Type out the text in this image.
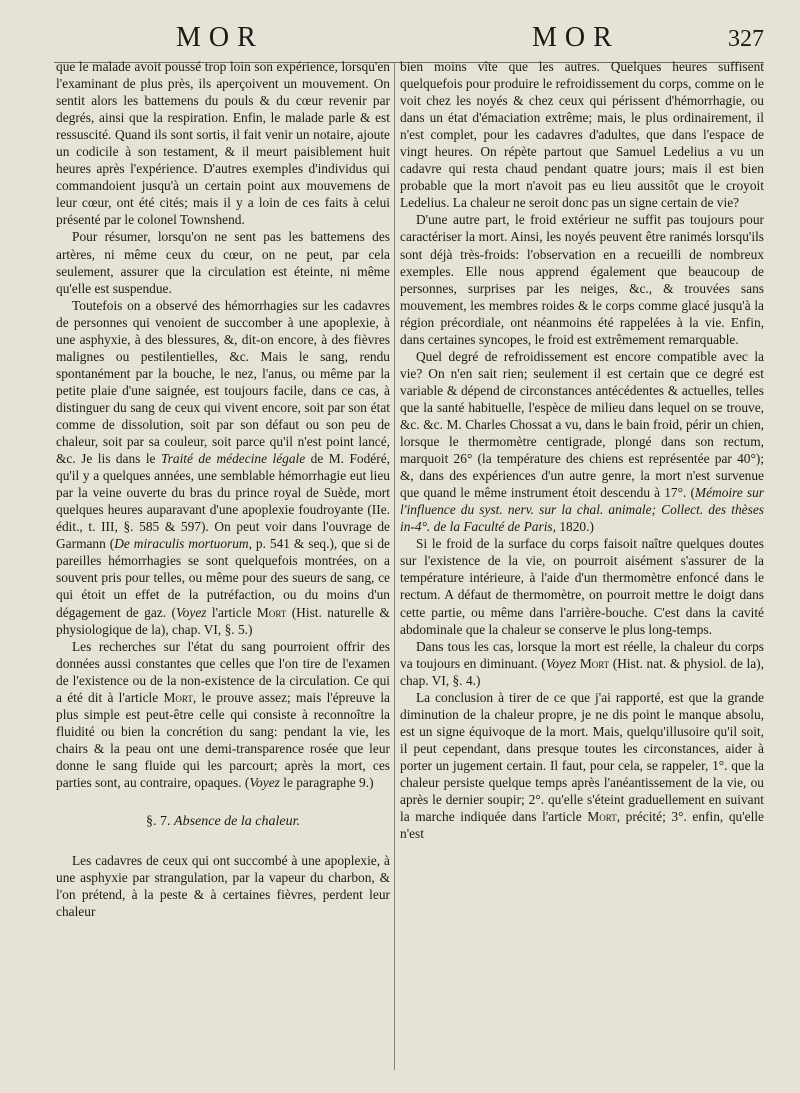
MOR	MOR	327

que le malade avoit poussé trop loin son expérience, lorsqu'en l'examinant de plus près, ils aperçoivent un mouvement. On sentit alors les battemens du pouls & du cœur revenir par degrés, ainsi que la respiration. Enfin, le malade parle & est ressuscité. Quand ils sont sortis, il fait venir un notaire, ajoute un codicile à son testament, & il meurt paisiblement huit heures après l'expérience. D'autres exemples d'individus qui commandoient jusqu'à un certain point aux mouvemens de leur cœur, ont été cités; mais il y a loin de ces faits à celui présenté par le colonel Townshend.

Pour résumer, lorsqu'on ne sent pas les battemens des artères, ni même ceux du cœur, on ne peut, par cela seulement, assurer que la circulation est éteinte, ni même qu'elle est suspendue.

Toutefois on a observé des hémorrhagies sur les cadavres de personnes qui venoient de succomber à une apoplexie, à une asphyxie, à des blessures, &, dit-on encore, à des fièvres malignes ou pestilentielles, &c. Mais le sang, rendu spontanément par la bouche, le nez, l'anus, ou même par la petite plaie d'une saignée, est toujours facile, dans ce cas, à distinguer du sang de ceux qui vivent encore, soit par son état comme de dissolution, soit par son défaut ou son peu de chaleur, soit par sa couleur, soit parce qu'il n'est point lancé, &c. Je lis dans le Traité de médecine légale de M. Fodéré, qu'il y a quelques années, une semblable hémorrhagie eut lieu par la veine ouverte du bras du prince royal de Suède, mort quelques heures auparavant d'une apoplexie foudroyante (IIe. édit., t. III, §. 585 & 597). On peut voir dans l'ouvrage de Garmann (De miraculis mortuorum, p. 541 & seq.), que si de pareilles hémorrhagies se sont quelquefois montrées, on a souvent pris pour telles, ou même pour des sueurs de sang, ce qui étoit un effet de la putréfaction, ou du moins d'un dégagement de gaz. (Voyez l'article Mort (Hist. naturelle & physiologique de la), chap. VI, §. 5.)

Les recherches sur l'état du sang pourroient offrir des données aussi constantes que celles que l'on tire de l'examen de l'existence ou de la non-existence de la circulation. Ce qui a été dit à l'article Mort, le prouve assez; mais l'épreuve la plus simple est peut-être celle qui consiste à reconnoître la fluidité ou bien la concrétion du sang: pendant la vie, les chairs & la peau ont une demi-transparence rosée que leur donne le sang fluide qui les parcourt; après la mort, ces parties sont, au contraire, opaques. (Voyez le paragraphe 9.)

§. 7. Absence de la chaleur.

Les cadavres de ceux qui ont succombé à une apoplexie, à une asphyxie par strangulation, par la vapeur du charbon, & l'on prétend, à la peste & à certaines fièvres, perdent leur chaleur

bien moins vîte que les autres. Quelques heures suffisent quelquefois pour produire le refroidissement du corps, comme on le voit chez les noyés & chez ceux qui périssent d'hémorrhagie, ou dans un état d'émaciation extrême; mais, le plus ordinairement, il n'est complet, pour les cadavres d'adultes, que dans l'espace de vingt heures. On répète partout que Samuel Ledelius a vu un cadavre qui resta chaud pendant quatre jours; mais il est bien probable que la mort n'avoit pas eu lieu aussitôt que le croyoit Ledelius. La chaleur ne seroit donc pas un signe certain de vie?

D'une autre part, le froid extérieur ne suffit pas toujours pour caractériser la mort. Ainsi, les noyés peuvent être ranimés lorsqu'ils sont déjà très-froids: l'observation en a recueilli de nombreux exemples. Elle nous apprend également que beaucoup de personnes, surprises par les neiges, &c., & trouvées sans mouvement, les membres roides & le corps comme glacé jusqu'à la région précordiale, ont néanmoins été rappelées à la vie. Enfin, dans certaines syncopes, le froid est extrêmement remarquable.

Quel degré de refroidissement est encore compatible avec la vie? On n'en sait rien; seulement il est certain que ce degré est variable & dépend de circonstances antécédentes & actuelles, telles que la santé habituelle, l'espèce de milieu dans lequel on se trouve, &c. &c. M. Charles Chossat a vu, dans le bain froid, périr un chien, lorsque le thermomètre centigrade, plongé dans son rectum, marquoit 26° (la température des chiens est représentée par 40°); &, dans des expériences d'un autre genre, la mort n'est survenue que quand le même instrument étoit descendu à 17°. (Mémoire sur l'influence du syst. nerv. sur la chal. animale; Collect. des thèses in-4°. de la Faculté de Paris, 1820.)

Si le froid de la surface du corps faisoit naître quelques doutes sur l'existence de la vie, on pourroit aisément s'assurer de la température intérieure, à l'aide d'un thermomètre enfoncé dans le rectum. A défaut de thermomètre, on pourroit mettre le doigt dans cette partie, ou même dans l'arrière-bouche. C'est dans la cavité abdominale que la chaleur se conserve le plus long-temps.

Dans tous les cas, lorsque la mort est réelle, la chaleur du corps va toujours en diminuant. (Voyez Mort (Hist. nat. & physiol. de la), chap. VI, §. 4.)

La conclusion à tirer de ce que j'ai rapporté, est que la grande diminution de la chaleur propre, je ne dis point le manque absolu, est un signe équivoque de la mort. Mais, quelqu'illusoire qu'il soit, il peut cependant, dans presque toutes les circonstances, aider à porter un jugement certain. Il faut, pour cela, se rappeler, 1°. que la chaleur persiste quelque temps après l'anéantissement de la vie, ou après le dernier soupir; 2°. qu'elle s'éteint graduellement en suivant la marche indiquée dans l'article Mort, précité; 3°. enfin, qu'elle n'est
